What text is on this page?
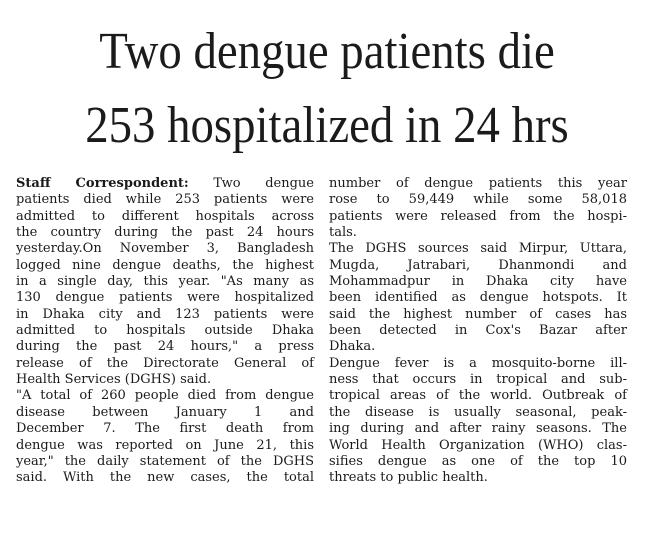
Two dengue patients die
253 hospitalized in 24 hrs
Staff Correspondent: Two dengue
patients died while 253 patients were
admitted to different hospitals across
the country during the past 24 hours
yesterday.On November 3, Bangladesh
logged nine dengue deaths, the highest
in a single day, this year. "As many as
130 dengue patients were hospitalized
in Dhaka city and 123 patients were
admitted to hospitals outside Dhaka
during the past 24 hours," a press
release of the Directorate General of
Health Services (DGHS) said.
"A total of 260 people died from dengue
disease between January 1 and
December 7. The first death from
dengue was reported on June 21, this
year," the daily statement of the DGHS
said. With the new cases, the total
number of dengue patients this year
rose to 59,449 while some 58,018
patients were released from the hospi-
tals.
The DGHS sources said Mirpur, Uttara,
Mugda, Jatrabari, Dhanmondi and
Mohammadpur in Dhaka city have
been identified as dengue hotspots. It
said the highest number of cases has
been detected in Cox's Bazar after
Dhaka.
Dengue fever is a mosquito-borne ill-
ness that occurs in tropical and sub-
tropical areas of the world. Outbreak of
the disease is usually seasonal, peak-
ing during and after rainy seasons. The
World Health Organization (WHO) clas-
sifies dengue as one of the top 10
threats to public health.
